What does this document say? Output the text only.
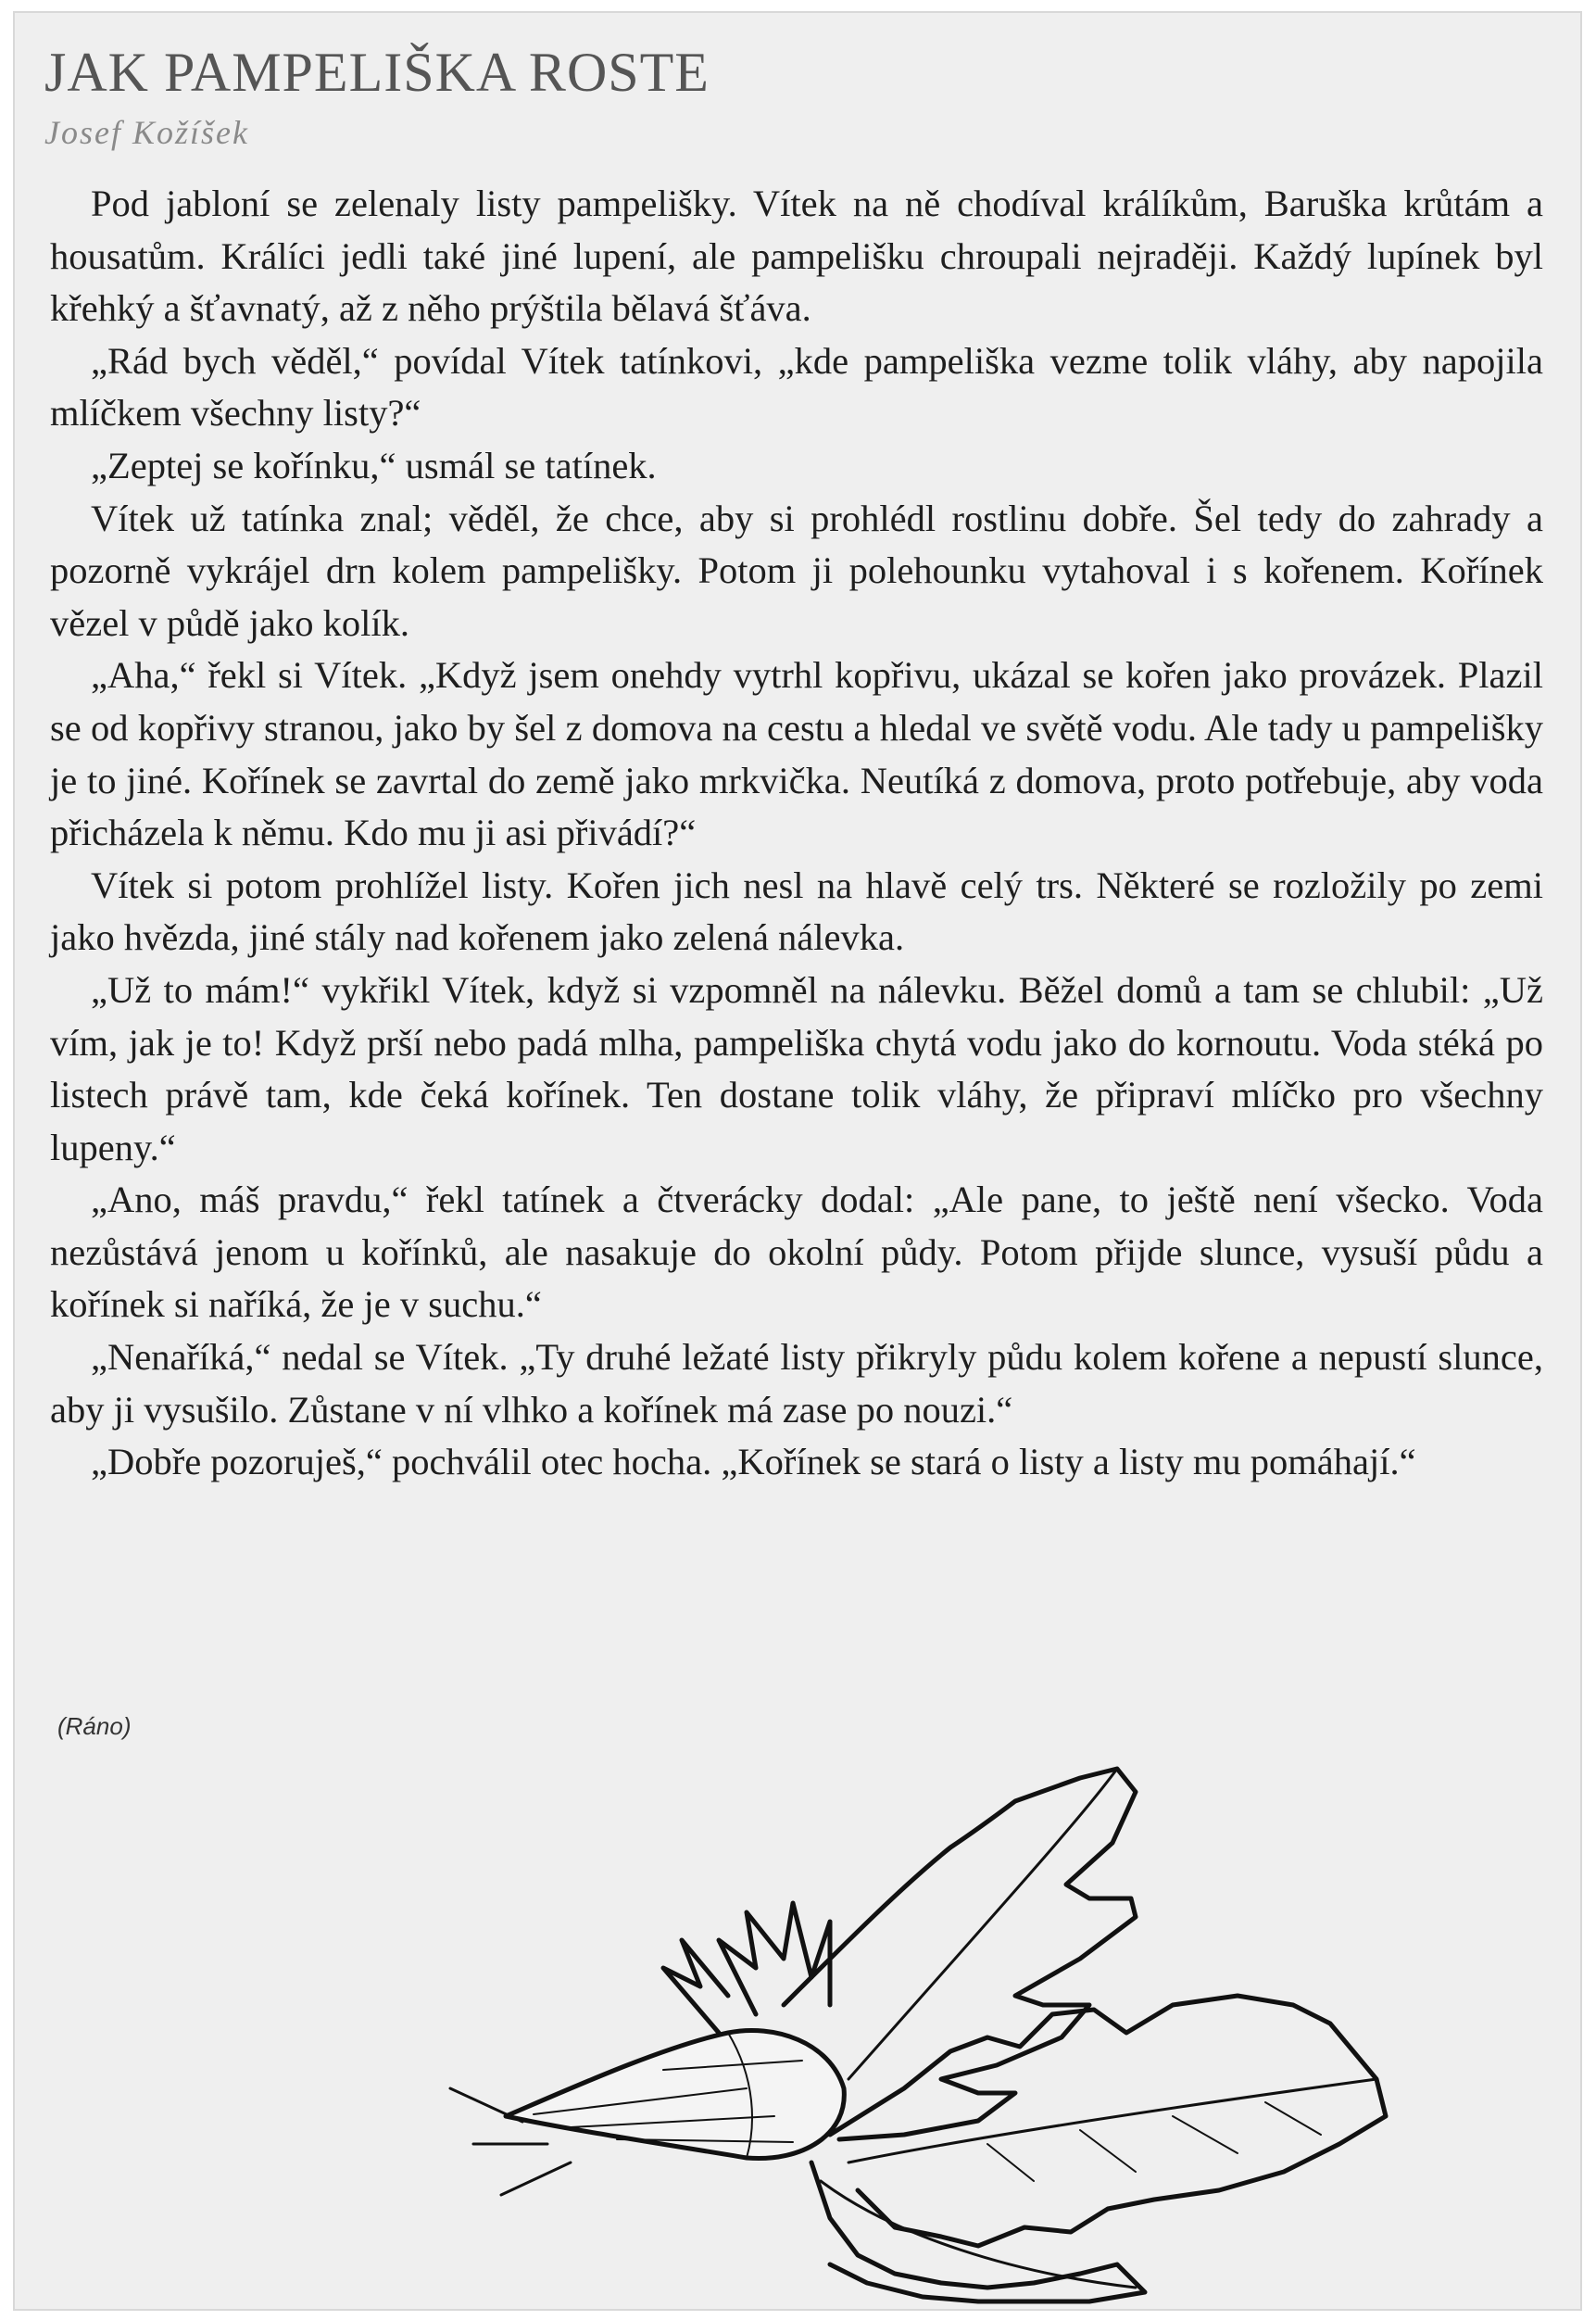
JAK PAMPELIŠKA ROSTE
Josef Kožíšek

Pod jabloní se zelenaly listy pampelišky. Vítek na ně chodíval králíkům, Baruška krůtám a housatům. Králíci jedli také jiné lupení, ale pampelišku chroupali nejraději. Každý lupínek byl křehký a šťavnatý, až z něho prýštila bělavá šťáva.

„Rád bych věděl,“ povídal Vítek tatínkovi, „kde pampeliška vezme tolik vláhy, aby napojila mlíčkem všechny listy?“

„Zeptej se kořínku,“ usmál se tatínek.

Vítek už tatínka znal; věděl, že chce, aby si prohlédl rostlinu dobře. Šel tedy do zahrady a pozorně vykrájel drn kolem pampelišky. Potom ji polehounku vytahoval i s kořenem. Kořínek vězel v půdě jako kolík.

„Aha,“ řekl si Vítek. „Když jsem onehdy vytrhl kopřivu, ukázal se kořen jako provázek. Plazil se od kopřivy stranou, jako by šel z domova na cestu a hledal ve světě vodu. Ale tady u pampelišky je to jiné. Kořínek se zavrtal do země jako mrkvička. Neutíká z domova, proto potřebuje, aby voda přicházela k němu. Kdo mu ji asi přivádí?“

Vítek si potom prohlížel listy. Kořen jich nesl na hlavě celý trs. Některé se rozložily po zemi jako hvězda, jiné stály nad kořenem jako zelená nálevka.

„Už to mám!“ vykřikl Vítek, když si vzpomněl na nálevku. Běžel domů a tam se chlubil: „Už vím, jak je to! Když prší nebo padá mlha, pampeliška chytá vodu jako do kornoutu. Voda stéká po listech právě tam, kde čeká kořínek. Ten dostane tolik vláhy, že připraví mlíčko pro všechny lupeny.“

„Ano, máš pravdu,“ řekl tatínek a čtverácky dodal: „Ale pane, to ještě není všecko. Voda nezůstává jenom u kořínků, ale nasakuje do okolní půdy. Potom přijde slunce, vysuší půdu a kořínek si naříká, že je v suchu.“

„Nenaříká,“ nedal se Vítek. „Ty druhé ležaté listy přikryly půdu kolem kořene a nepustí slunce, aby ji vysušilo. Zůstane v ní vlhko a kořínek má zase po nouzi.“

„Dobře pozoruješ,“ pochválil otec hocha. „Kořínek se stará o listy a listy mu pomáhají.“

(Ráno)
